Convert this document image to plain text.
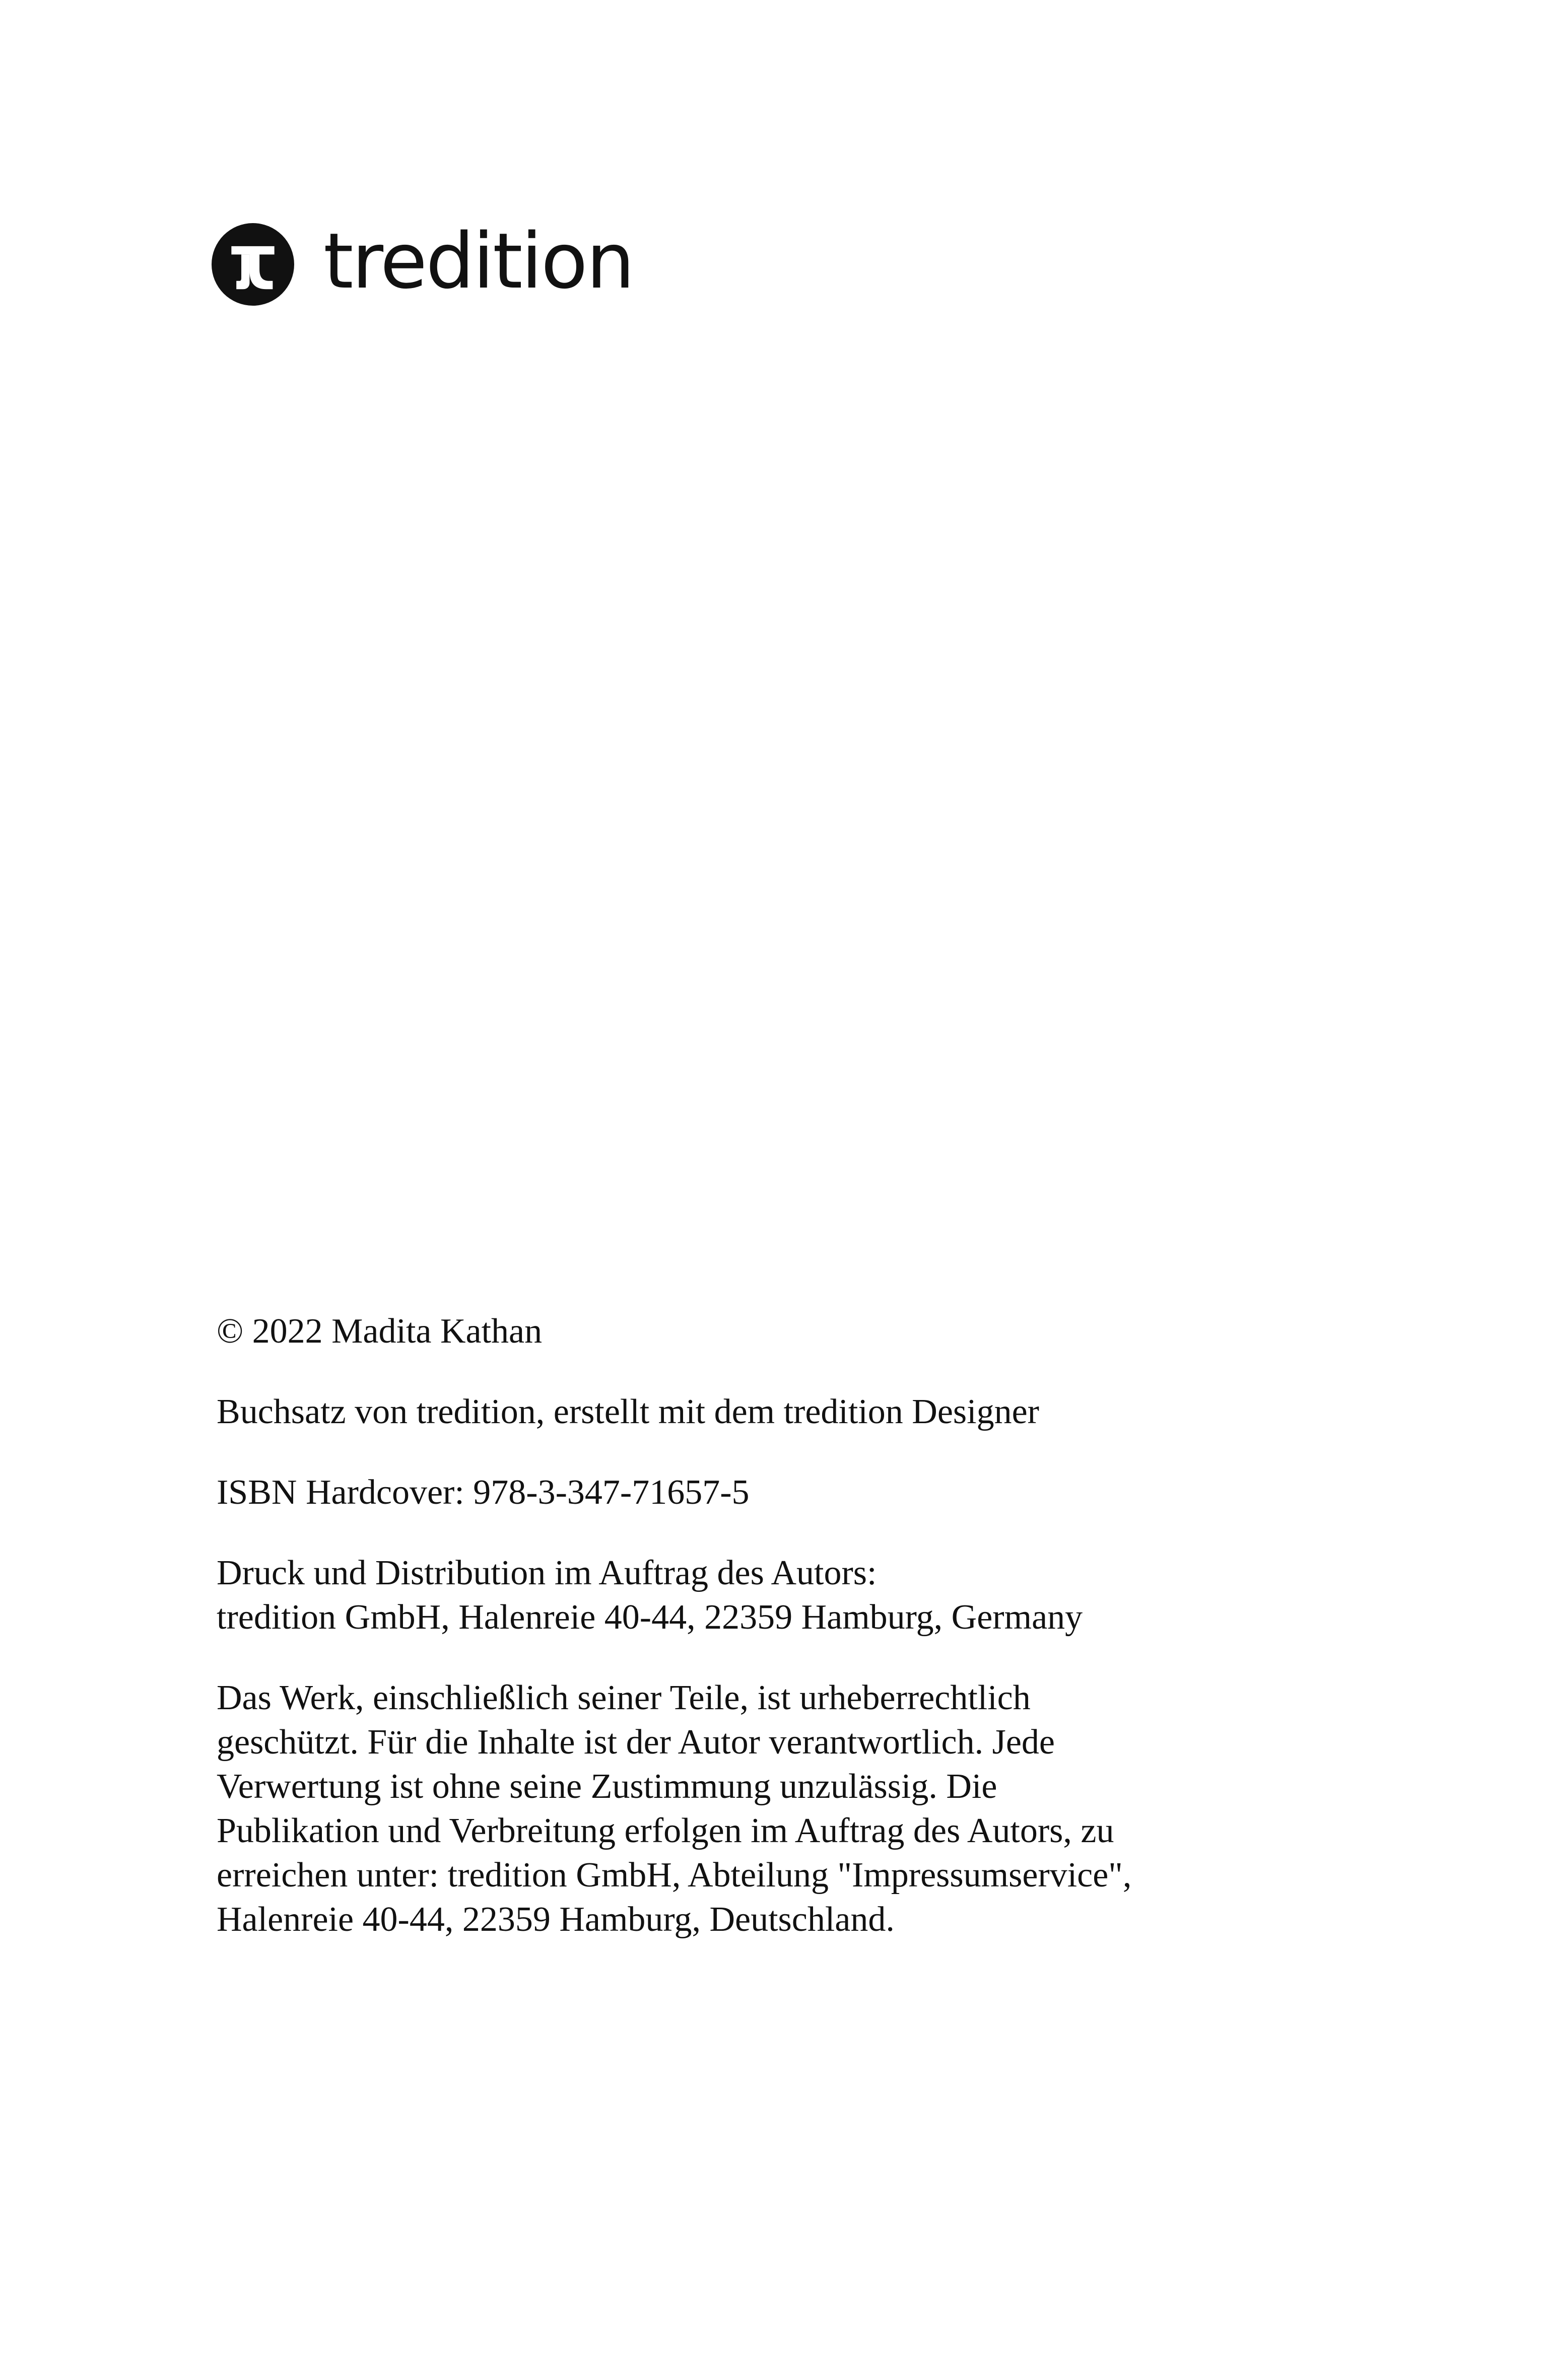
tredition

© 2022 Madita Kathan

Buchsatz von tredition, erstellt mit dem tredition Designer

ISBN Hardcover: 978-3-347-71657-5

Druck und Distribution im Auftrag des Autors:
tredition GmbH, Halenreie 40-44, 22359 Hamburg, Germany

Das Werk, einschließlich seiner Teile, ist urheberrechtlich
geschützt. Für die Inhalte ist der Autor verantwortlich. Jede
Verwertung ist ohne seine Zustimmung unzulässig. Die
Publikation und Verbreitung erfolgen im Auftrag des Autors, zu
erreichen unter: tredition GmbH, Abteilung "Impressumservice",
Halenreie 40-44, 22359 Hamburg, Deutschland.
